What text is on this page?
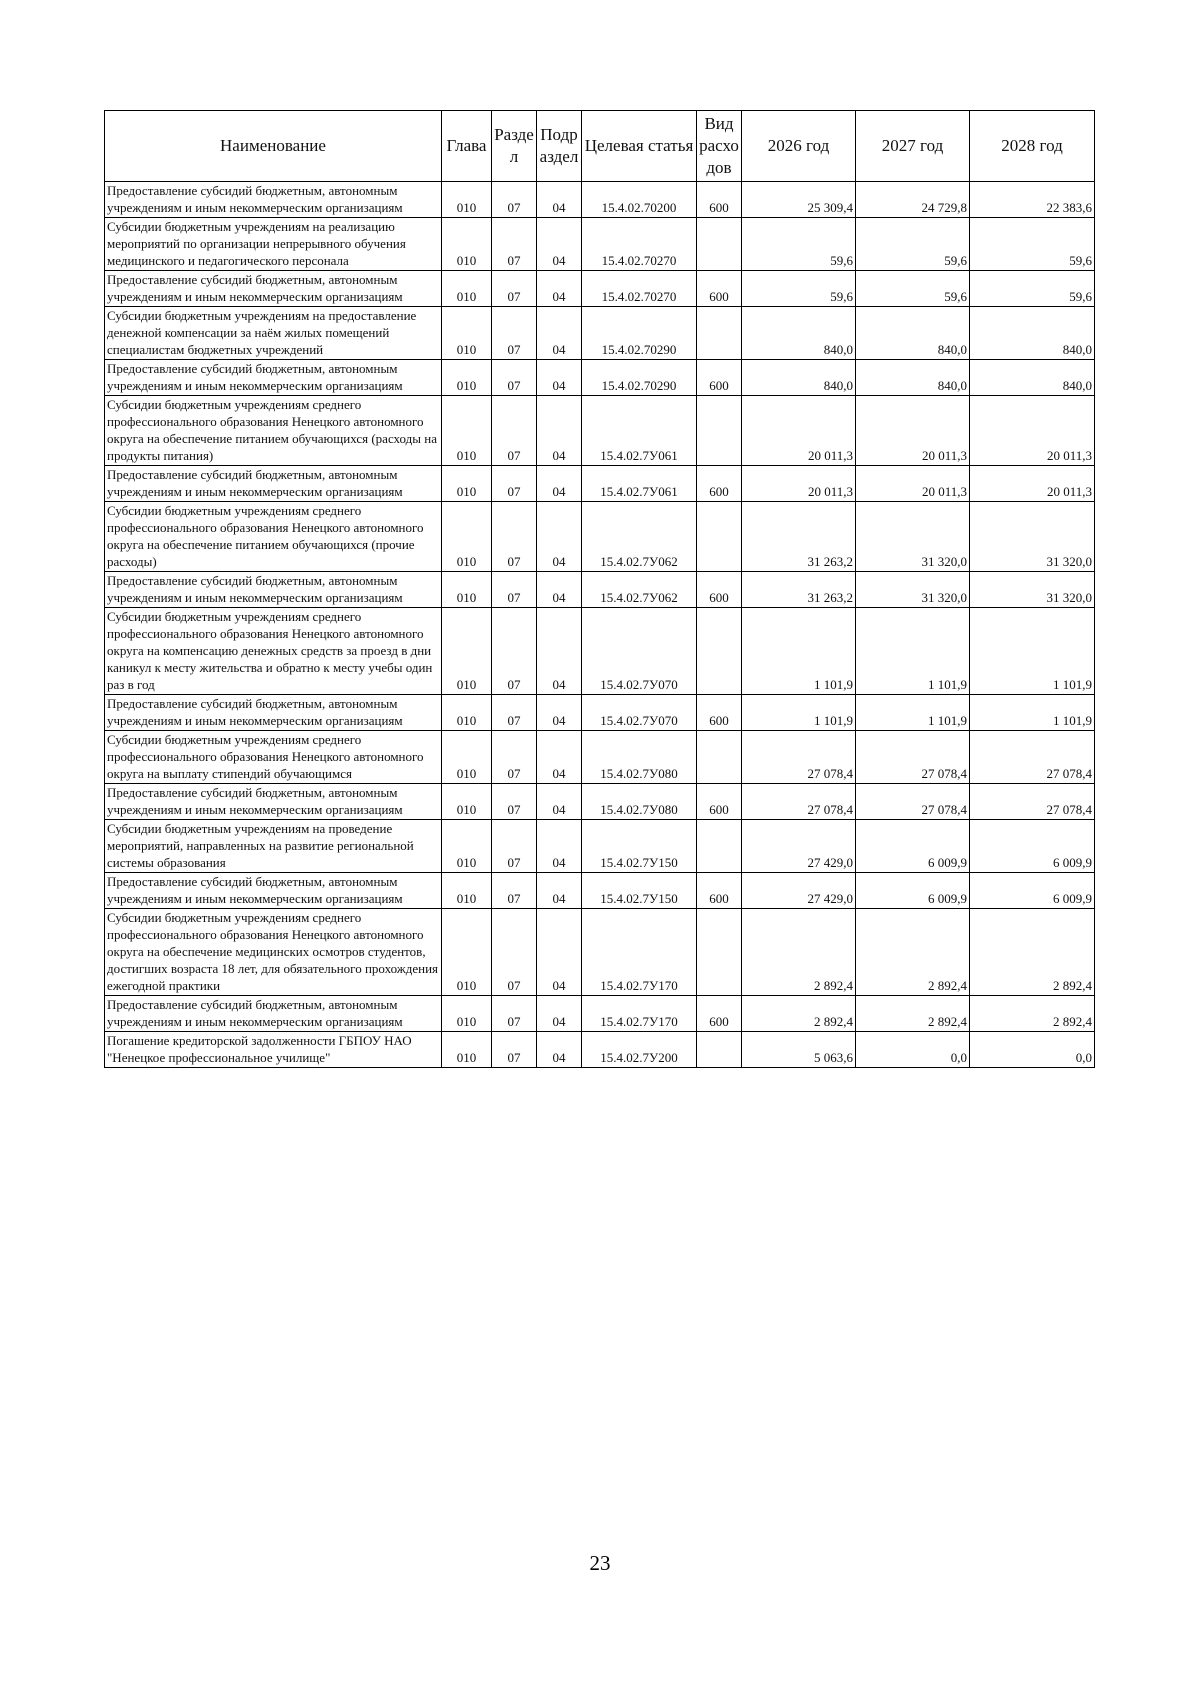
Наименование	Глава	Раздел	Подраздел	Целевая статья	Вид расходов	2026 год	2027 год	2028 год
Предоставление субсидий бюджетным, автономным учреждениям и иным некоммерческим организациям	010	07	04	15.4.02.70200	600	25 309,4	24 729,8	22 383,6
Субсидии бюджетным учреждениям на реализацию мероприятий по организации непрерывного обучения медицинского и педагогического персонала	010	07	04	15.4.02.70270		59,6	59,6	59,6
Предоставление субсидий бюджетным, автономным учреждениям и иным некоммерческим организациям	010	07	04	15.4.02.70270	600	59,6	59,6	59,6
Субсидии бюджетным учреждениям на предоставление денежной компенсации за наём жилых помещений специалистам бюджетных учреждений	010	07	04	15.4.02.70290		840,0	840,0	840,0
Предоставление субсидий бюджетным, автономным учреждениям и иным некоммерческим организациям	010	07	04	15.4.02.70290	600	840,0	840,0	840,0
Субсидии бюджетным учреждениям среднего профессионального образования Ненецкого автономного округа на обеспечение питанием обучающихся (расходы на продукты питания)	010	07	04	15.4.02.7У061		20 011,3	20 011,3	20 011,3
Предоставление субсидий бюджетным, автономным учреждениям и иным некоммерческим организациям	010	07	04	15.4.02.7У061	600	20 011,3	20 011,3	20 011,3
Субсидии бюджетным учреждениям среднего профессионального образования Ненецкого автономного округа на обеспечение питанием обучающихся (прочие расходы)	010	07	04	15.4.02.7У062		31 263,2	31 320,0	31 320,0
Предоставление субсидий бюджетным, автономным учреждениям и иным некоммерческим организациям	010	07	04	15.4.02.7У062	600	31 263,2	31 320,0	31 320,0
Субсидии бюджетным учреждениям среднего профессионального образования Ненецкого автономного округа на компенсацию денежных средств за проезд в дни каникул к месту жительства и обратно к месту учебы один раз в год	010	07	04	15.4.02.7У070		1 101,9	1 101,9	1 101,9
Предоставление субсидий бюджетным, автономным учреждениям и иным некоммерческим организациям	010	07	04	15.4.02.7У070	600	1 101,9	1 101,9	1 101,9
Субсидии бюджетным учреждениям среднего профессионального образования Ненецкого автономного округа на выплату стипендий обучающимся	010	07	04	15.4.02.7У080		27 078,4	27 078,4	27 078,4
Предоставление субсидий бюджетным, автономным учреждениям и иным некоммерческим организациям	010	07	04	15.4.02.7У080	600	27 078,4	27 078,4	27 078,4
Субсидии бюджетным учреждениям на проведение мероприятий, направленных на развитие региональной системы образования	010	07	04	15.4.02.7У150		27 429,0	6 009,9	6 009,9
Предоставление субсидий бюджетным, автономным учреждениям и иным некоммерческим организациям	010	07	04	15.4.02.7У150	600	27 429,0	6 009,9	6 009,9
Субсидии бюджетным учреждениям среднего профессионального образования Ненецкого автономного округа на обеспечение медицинских осмотров студентов, достигших возраста 18 лет, для обязательного прохождения ежегодной практики	010	07	04	15.4.02.7У170		2 892,4	2 892,4	2 892,4
Предоставление субсидий бюджетным, автономным учреждениям и иным некоммерческим организациям	010	07	04	15.4.02.7У170	600	2 892,4	2 892,4	2 892,4
Погашение кредиторской задолженности ГБПОУ НАО "Ненецкое профессиональное училище"	010	07	04	15.4.02.7У200		5 063,6	0,0	0,0
23
